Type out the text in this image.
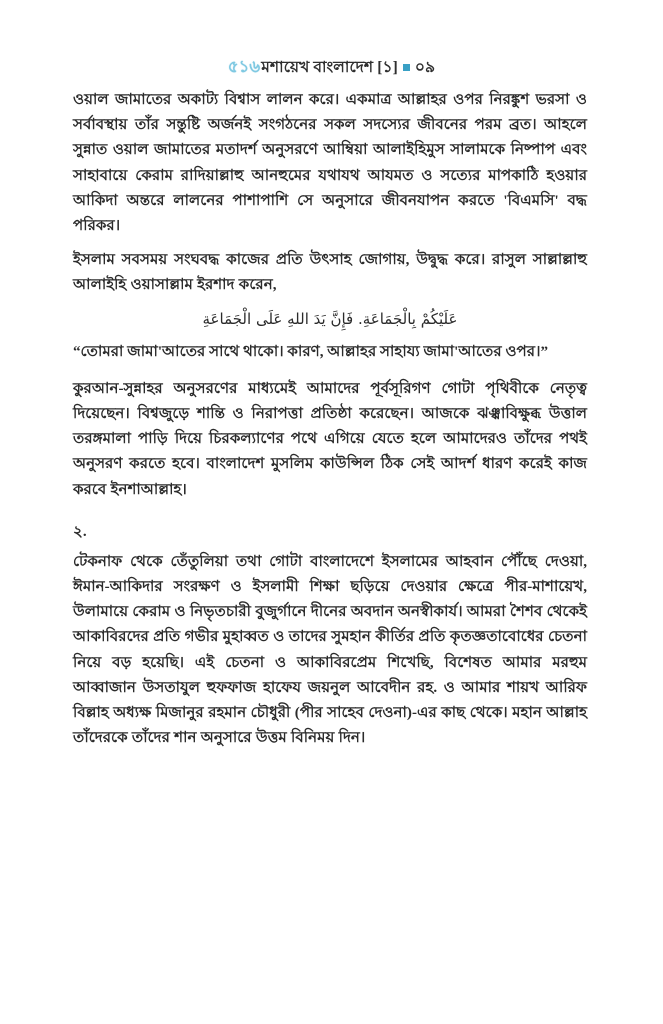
৫১৬মশায়েখ বাংলাদেশ [১] ০৯

ওয়াল জামাতের অকাট্য বিশ্বাস লালন করে। একমাত্র আল্লাহর ওপর নিরঙ্কুশ ভরসা ও সর্বাবস্থায় তাঁর সন্তুষ্টি অর্জনই সংগঠনের সকল সদস্যের জীবনের পরম ব্রত। আহলে সুন্নাত ওয়াল জামাতের মতাদর্শ অনুসরণে আম্বিয়া আলাইহিমুস সালামকে নিষ্পাপ এবং সাহাবায়ে কেরাম রাদিয়াল্লাহু আনহুমের যথাযথ আযমত ও সত্যের মাপকাঠি হওয়ার আকিদা অন্তরে লালনের পাশাপাশি সে অনুসারে জীবনযাপন করতে 'বিএমসি' বদ্ধ পরিকর।

ইসলাম সবসময় সংঘবদ্ধ কাজের প্রতি উৎসাহ জোগায়, উদ্বুদ্ধ করে। রাসুল সাল্লাল্লাহু আলাইহি ওয়াসাল্লাম ইরশাদ করেন,

عَلَيْكُمْ بِالْجَمَاعَةِ. فَإِنَّ يَدَ اللهِ عَلَى الْجَمَاعَةِ

“তোমরা জামা'আতের সাথে থাকো। কারণ, আল্লাহর সাহায্য জামা'আতের ওপর।”

কুরআন-সুন্নাহর অনুসরণের মাধ্যমেই আমাদের পূর্বসূরিগণ গোটা পৃথিবীকে নেতৃত্ব দিয়েছেন। বিশ্বজুড়ে শান্তি ও নিরাপত্তা প্রতিষ্ঠা করেছেন। আজকে ঝঞ্ঝাবিক্ষুব্ধ উত্তাল তরঙ্গমালা পাড়ি দিয়ে চিরকল্যাণের পথে এগিয়ে যেতে হলে আমাদেরও তাঁদের পথই অনুসরণ করতে হবে। বাংলাদেশ মুসলিম কাউন্সিল ঠিক সেই আদর্শ ধারণ করেই কাজ করবে ইনশাআল্লাহ।

২.

টেকনাফ থেকে তেঁতুলিয়া তথা গোটা বাংলাদেশে ইসলামের আহবান পৌঁছে দেওয়া, ঈমান-আকিদার সংরক্ষণ ও ইসলামী শিক্ষা ছড়িয়ে দেওয়ার ক্ষেত্রে পীর-মাশায়েখ, উলামায়ে কেরাম ও নিভৃতচারী বুজুর্গানে দীনের অবদান অনস্বীকার্য। আমরা শৈশব থেকেই আকাবিরদের প্রতি গভীর মুহাব্বত ও তাদের সুমহান কীর্তির প্রতি কৃতজ্ঞতাবোধের চেতনা নিয়ে বড় হয়েছি। এই চেতনা ও আকাবিরপ্রেম শিখেছি, বিশেষত আমার মরহুম আব্বাজান উসতাযুল হুফফাজ হাফেয জয়নুল আবেদীন রহ. ও আমার শায়খ আরিফ বিল্লাহ অধ্যক্ষ মিজানুর রহমান চৌধুরী (পীর সাহেব দেওনা)-এর কাছ থেকে। মহান আল্লাহ তাঁদেরকে তাঁদের শান অনুসারে উত্তম বিনিময় দিন।
